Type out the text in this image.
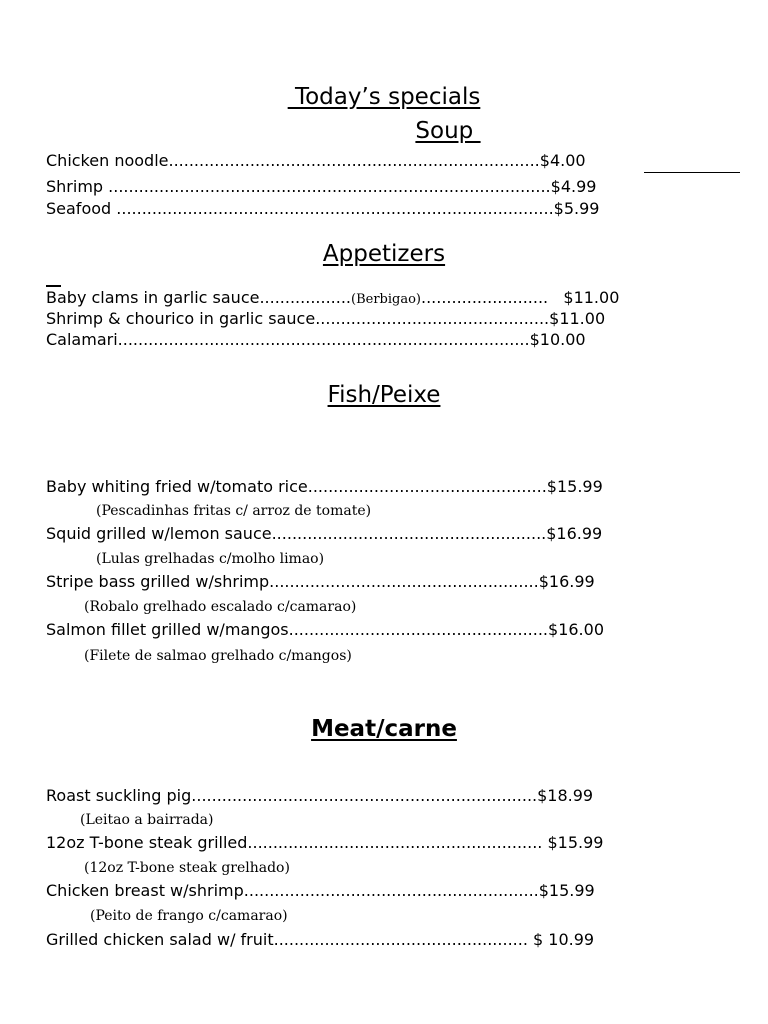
Today’s specials
Soup
Chicken noodle.........................................................................$4.00
Shrimp .......................................................................................$4.99
Seafood ......................................................................................$5.99
Appetizers
Baby clams in garlic sauce..................(Berbigao).........................   $11.00
Shrimp & chourico in garlic sauce..............................................$11.00
Calamari.................................................................................$10.00
Fish/Peixe
Baby whiting fried w/tomato rice...............................................$15.99
(Pescadinhas fritas c/ arroz de tomate)
Squid grilled w/lemon sauce......................................................$16.99
(Lulas grelhadas c/molho limao)
Stripe bass grilled w/shrimp.....................................................$16.99
(Robalo grelhado escalado c/camarao)
Salmon fillet grilled w/mangos...................................................$16.00
(Filete de salmao grelhado c/mangos)
Meat/carne
Roast suckling pig....................................................................$18.99
(Leitao a bairrada)
12oz T-bone steak grilled.......................................................... $15.99
(12oz T-bone steak grelhado)
Chicken breast w/shrimp..........................................................$15.99
(Peito de frango c/camarao)
Grilled chicken salad w/ fruit.................................................. $ 10.99
